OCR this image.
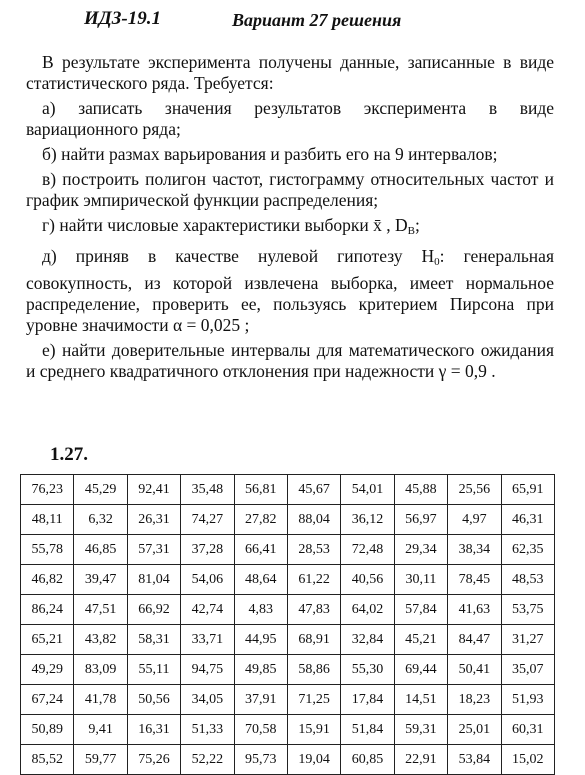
ИДЗ-19.1	Вариант 27 решения

В результате эксперимента получены данные, записанные в виде статистического ряда. Требуется:

а) записать значения результатов эксперимента в виде вариационного ряда;

б) найти размах варьирования и разбить его на 9 интервалов;

в) построить полигон частот, гистограмму относительных частот и график эмпирической функции распределения;

г) найти числовые характеристики выборки x̄ , $D_В$;

д) приняв в качестве нулевой гипотезу $H_0$: генеральная совокупность, из которой извлечена выборка, имеет нормальное распределение, проверить ее, пользуясь критерием Пирсона при уровне значимости α = 0,025 ;

е) найти доверительные интервалы для математического ожидания и среднего квадратичного отклонения при надежности γ = 0,9 .

1.27.
76,23	45,29	92,41	35,48	56,81	45,67	54,01	45,88	25,56	65,91
48,11	6,32	26,31	74,27	27,82	88,04	36,12	56,97	4,97	46,31
55,78	46,85	57,31	37,28	66,41	28,53	72,48	29,34	38,34	62,35
46,82	39,47	81,04	54,06	48,64	61,22	40,56	30,11	78,45	48,53
86,24	47,51	66,92	42,74	4,83	47,83	64,02	57,84	41,63	53,75
65,21	43,82	58,31	33,71	44,95	68,91	32,84	45,21	84,47	31,27
49,29	83,09	55,11	94,75	49,85	58,86	55,30	69,44	50,41	35,07
67,24	41,78	50,56	34,05	37,91	71,25	17,84	14,51	18,23	51,93
50,89	9,41	16,31	51,33	70,58	15,91	51,84	59,31	25,01	60,31
85,52	59,77	75,26	52,22	95,73	19,04	60,85	22,91	53,84	15,02
